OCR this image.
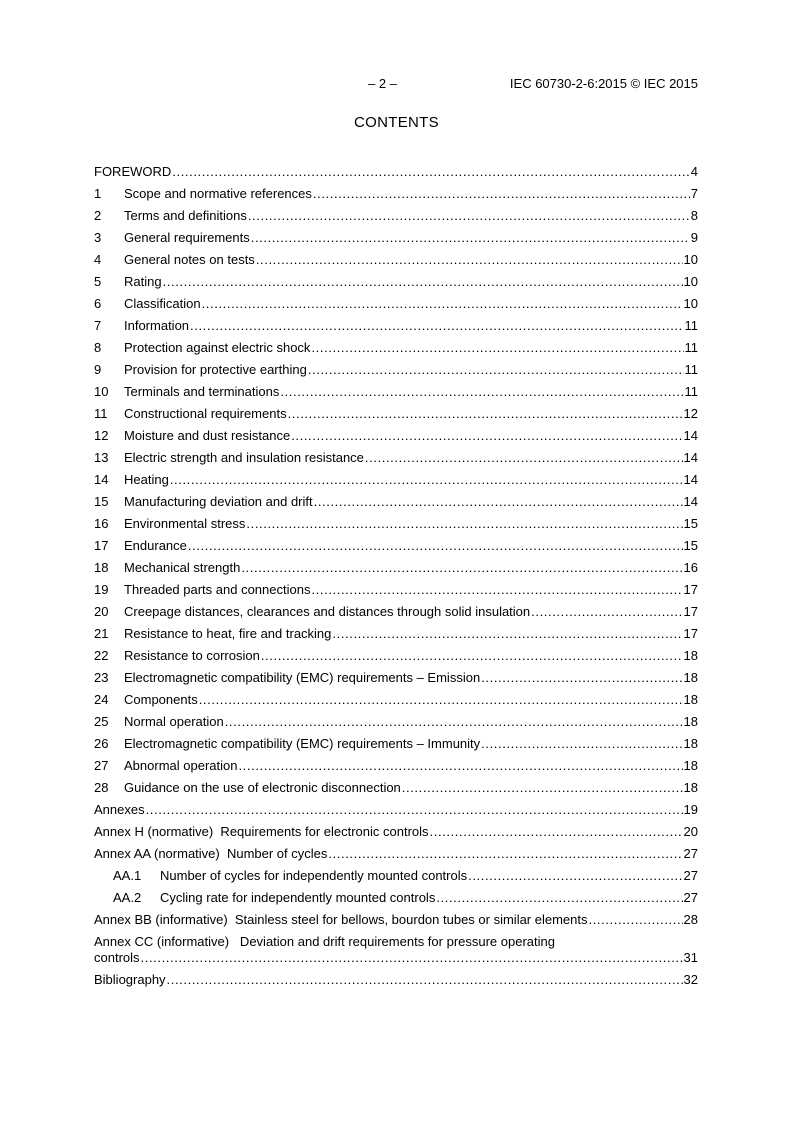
– 2 –	IEC 60730-2-6:2015 © IEC 2015
CONTENTS
FOREWORD .....	4
1	Scope and normative references .....	7
2	Terms and definitions .....	8
3	General requirements .....	9
4	General notes on tests .....	10
5	Rating .....	10
6	Classification .....	10
7	Information .....	11
8	Protection against electric shock .....	11
9	Provision for protective earthing .....	11
10	Terminals and terminations .....	11
11	Constructional requirements .....	12
12	Moisture and dust resistance .....	14
13	Electric strength and insulation resistance .....	14
14	Heating .....	14
15	Manufacturing deviation and drift .....	14
16	Environmental stress .....	15
17	Endurance .....	15
18	Mechanical strength .....	16
19	Threaded parts and connections .....	17
20	Creepage distances, clearances and distances through solid insulation .....	17
21	Resistance to heat, fire and tracking .....	17
22	Resistance to corrosion .....	18
23	Electromagnetic compatibility (EMC) requirements – Emission .....	18
24	Components .....	18
25	Normal operation .....	18
26	Electromagnetic compatibility (EMC) requirements – Immunity .....	18
27	Abnormal operation .....	18
28	Guidance on the use of electronic disconnection .....	18
Annexes .....	19
Annex H (normative)  Requirements for electronic controls .....	20
Annex AA (normative)  Number of cycles .....	27
AA.1	Number of cycles for independently mounted controls .....	27
AA.2	Cycling rate for independently mounted controls .....	27
Annex BB (informative)  Stainless steel for bellows, bourdon tubes or similar elements .....	28
Annex CC (informative)   Deviation and drift requirements for pressure operating
controls .....	31
Bibliography .....	32
